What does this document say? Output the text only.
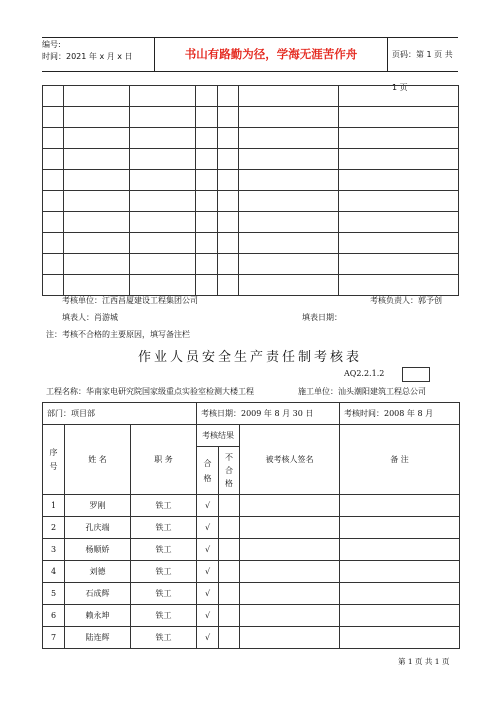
编号:
时间：2021 年 x 月 x 日	书山有路勤为径，学海无涯苦作舟	页码：第 1 页 共 1 页

考核单位：江西昌厦建设工程集团公司	考核负责人：郭予创
填表人：肖游城	填表日期：
注：考核不合格的主要原因，填写备注栏
作业人员安全生产责任制考核表
AQ2.2.1.2
工程名称：华南家电研究院国家级重点实验室检测大楼工程	施工单位：汕头潮阳建筑工程总公司
部门：项目部			考核日期：2009 年 8 月 30 日			考核时间：2008 年 8 月
序号	姓 名	职 务	考核结果		被考核人签名	备 注
			合格	不合格		
1	罗刚	铁工	√			
2	孔庆端	铁工	√			
3	杨顺娇	铁工	√			
4	刘德	铁工	√			
5	石成辉	铁工	√			
6	赖永坤	铁工	√			
7	陆连辉	铁工	√			
第 1 页 共 1 页
